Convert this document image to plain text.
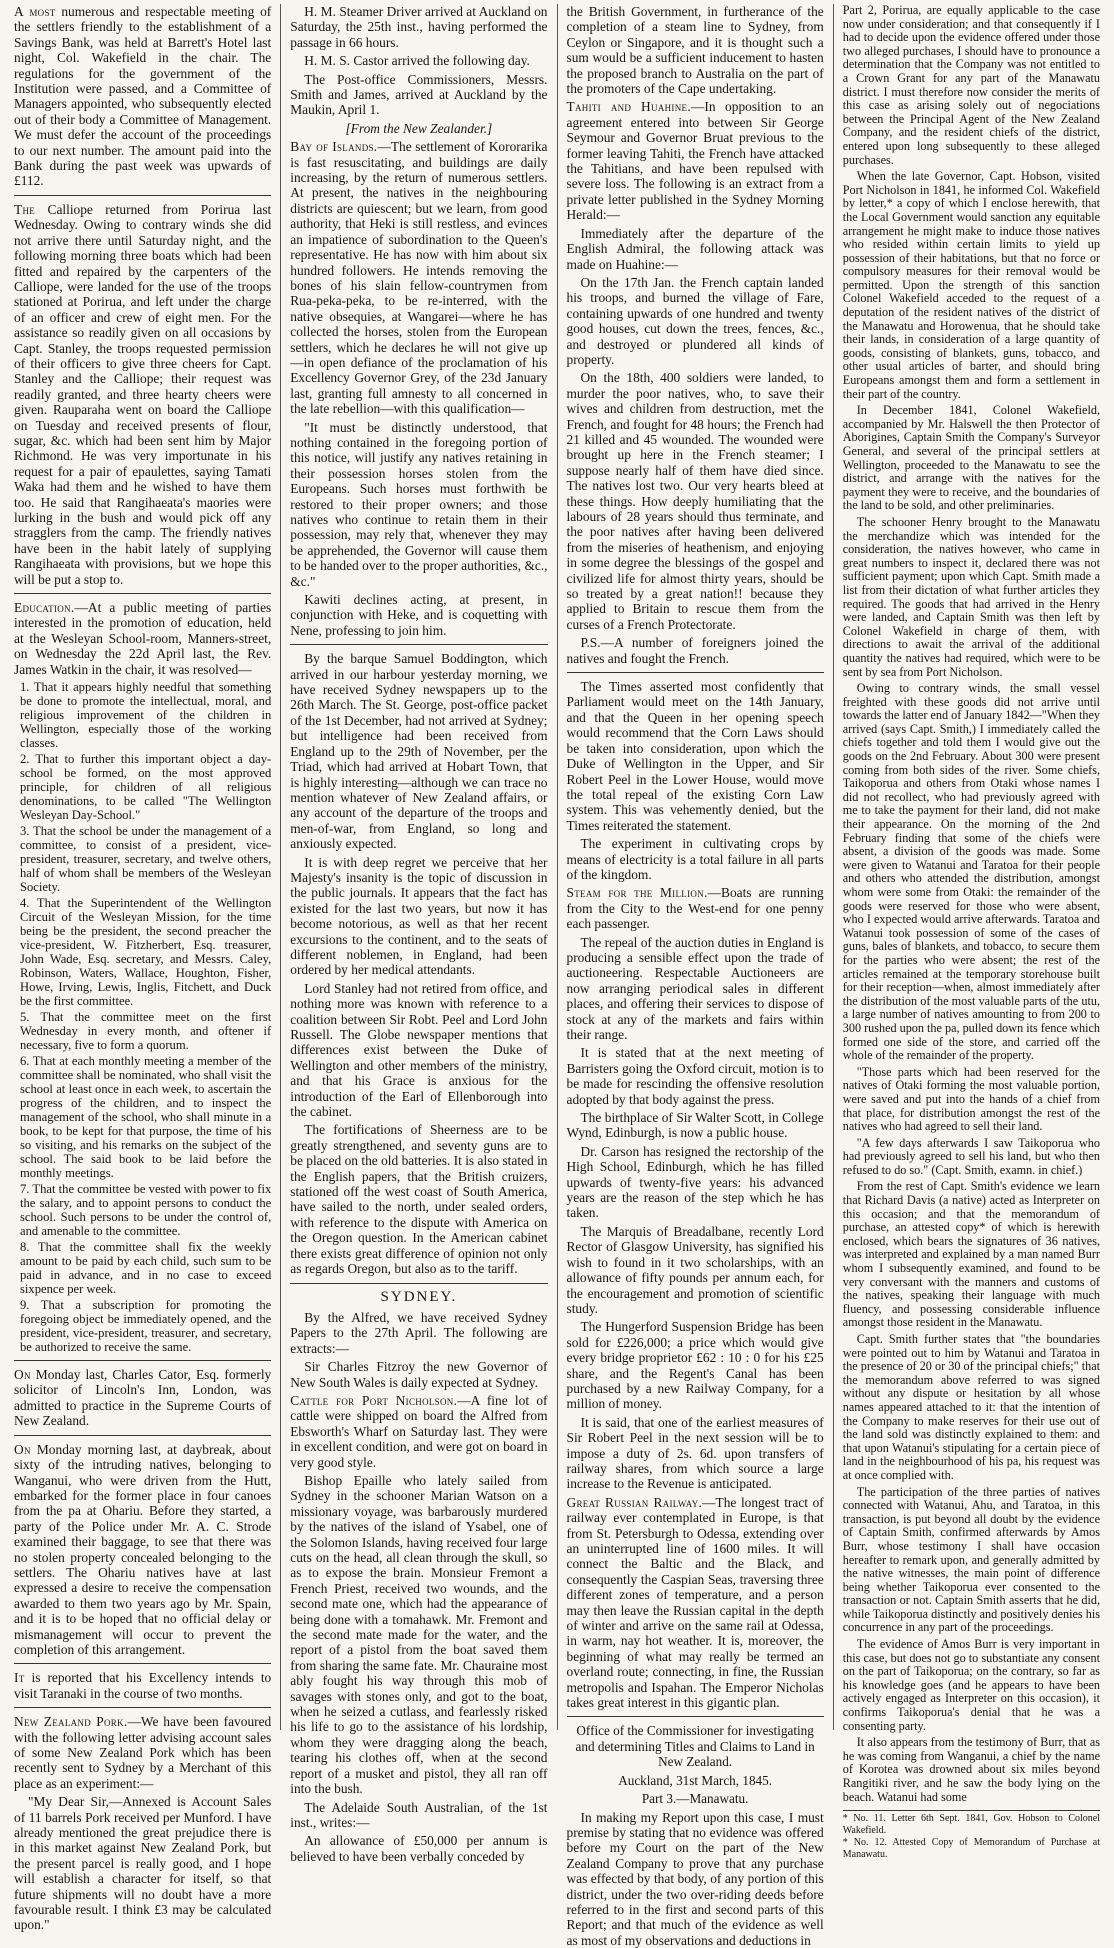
A most numerous and respectable meeting of the settlers friendly to the establishment of a Savings Bank, was held at Barrett's Hotel last night, Col. Wakefield in the chair. The regulations for the government of the Institution were passed, and a Committee of Managers appointed, who subsequently elected out of their body a Committee of Management. We must defer the account of the proceedings to our next number. The amount paid into the Bank during the past week was upwards of £112.

The Calliope returned from Porirua last Wednesday. Owing to contrary winds she did not arrive there until Saturday night, and the following morning three boats which had been fitted and repaired by the carpenters of the Calliope, were landed for the use of the troops stationed at Porirua, and left under the charge of an officer and crew of eight men. For the assistance so readily given on all occasions by Capt. Stanley, the troops requested permission of their officers to give three cheers for Capt. Stanley and the Calliope; their request was readily granted, and three hearty cheers were given. Rauparaha went on board the Calliope on Tuesday and received presents of flour, sugar, &c. which had been sent him by Major Richmond. He was very importunate in his request for a pair of epaulettes, saying Tamati Waka had them and he wished to have them too. He said that Rangihaeata's maories were lurking in the bush and would pick off any stragglers from the camp. The friendly natives have been in the habit lately of supplying Rangihaeata with provisions, but we hope this will be put a stop to.

Education.—At a public meeting of parties interested in the promotion of education, held at the Wesleyan School-room, Manners-street, on Wednesday the 22d April last, the Rev. James Watkin in the chair, it was resolved—

1. That it appears highly needful that something be done to promote the intellectual, moral, and religious improvement of the children in Wellington, especially those of the working classes.
2. That to further this important object a day-school be formed, on the most approved principle, for children of all religious denominations, to be called "The Wellington Wesleyan Day-School."
3. That the school be under the management of a committee, to consist of a president, vice-president, treasurer, secretary, and twelve others, half of whom shall be members of the Wesleyan Society.
4. That the Superintendent of the Wellington Circuit of the Wesleyan Mission, for the time being be the president, the second preacher the vice-president, W. Fitzherbert, Esq. treasurer, John Wade, Esq. secretary, and Messrs. Caley, Robinson, Waters, Wallace, Houghton, Fisher, Howe, Irving, Lewis, Inglis, Fitchett, and Duck be the first committee.
5. That the committee meet on the first Wednesday in every month, and oftener if necessary, five to form a quorum.
6. That at each monthly meeting a member of the committee shall be nominated, who shall visit the school at least once in each week, to ascertain the progress of the children, and to inspect the management of the school, who shall minute in a book, to be kept for that purpose, the time of his so visiting, and his remarks on the subject of the school. The said book to be laid before the monthly meetings.
7. That the committee be vested with power to fix the salary, and to appoint persons to conduct the school. Such persons to be under the control of, and amenable to the committee.
8. That the committee shall fix the weekly amount to be paid by each child, such sum to be paid in advance, and in no case to exceed sixpence per week.
9. That a subscription for promoting the foregoing object be immediately opened, and the president, vice-president, treasurer, and secretary, be authorized to receive the same.

On Monday last, Charles Cator, Esq. formerly solicitor of Lincoln's Inn, London, was admitted to practice in the Supreme Courts of New Zealand.

On Monday morning last, at daybreak, about sixty of the intruding natives, belonging to Wanganui, who were driven from the Hutt, embarked for the former place in four canoes from the pa at Ohariu. Before they started, a party of the Police under Mr. A. C. Strode examined their baggage, to see that there was no stolen property concealed belonging to the settlers. The Ohariu natives have at last expressed a desire to receive the compensation awarded to them two years ago by Mr. Spain, and it is to be hoped that no official delay or mismanagement will occur to prevent the completion of this arrangement.

It is reported that his Excellency intends to visit Taranaki in the course of two months.

New Zealand Pork.—We have been favoured with the following letter advising account sales of some New Zealand Pork which has been recently sent to Sydney by a Merchant of this place as an experiment:—

"My Dear Sir,—Annexed is Account Sales of 11 barrels Pork received per Munford. I have already mentioned the great prejudice there is in this market against New Zealand Pork, but the present parcel is really good, and I hope will establish a character for itself, so that future shipments will no doubt have a more favourable result. I think £3 may be calculated upon."

H. M. Steamer Driver arrived at Auckland on Saturday, the 25th inst., having performed the passage in 66 hours.

H. M. S. Castor arrived the following day.

The Post-office Commissioners, Messrs. Smith and James, arrived at Auckland by the Maukin, April 1.

[From the New Zealander.]

Bay of Islands.—The settlement of Kororarika is fast resuscitating, and buildings are daily increasing, by the return of numerous settlers. At present, the natives in the neighbouring districts are quiescent; but we learn, from good authority, that Heki is still restless, and evinces an impatience of subordination to the Queen's representative. He has now with him about six hundred followers. He intends removing the bones of his slain fellow-countrymen from Rua-peka-peka, to be re-interred, with the native obsequies, at Wangarei—where he has collected the horses, stolen from the European settlers, which he declares he will not give up—in open defiance of the proclamation of his Excellency Governor Grey, of the 23d January last, granting full amnesty to all concerned in the late rebellion—with this qualification—

"It must be distinctly understood, that nothing contained in the foregoing portion of this notice, will justify any natives retaining in their possession horses stolen from the Europeans. Such horses must forthwith be restored to their proper owners; and those natives who continue to retain them in their possession, may rely that, whenever they may be apprehended, the Governor will cause them to be handed over to the proper authorities, &c., &c."

Kawiti declines acting, at present, in conjunction with Heke, and is coquetting with Nene, professing to join him.

By the barque Samuel Boddington, which arrived in our harbour yesterday morning, we have received Sydney newspapers up to the 26th March. The St. George, post-office packet of the 1st December, had not arrived at Sydney; but intelligence had been received from England up to the 29th of November, per the Triad, which had arrived at Hobart Town, that is highly interesting—although we can trace no mention whatever of New Zealand affairs, or any account of the departure of the troops and men-of-war, from England, so long and anxiously expected.

It is with deep regret we perceive that her Majesty's insanity is the topic of discussion in the public journals. It appears that the fact has existed for the last two years, but now it has become notorious, as well as that her recent excursions to the continent, and to the seats of different noblemen, in England, had been ordered by her medical attendants.

Lord Stanley had not retired from office, and nothing more was known with reference to a coalition between Sir Robt. Peel and Lord John Russell. The Globe newspaper mentions that differences exist between the Duke of Wellington and other members of the ministry, and that his Grace is anxious for the introduction of the Earl of Ellenborough into the cabinet.

The fortifications of Sheerness are to be greatly strengthened, and seventy guns are to be placed on the old batteries. It is also stated in the English papers, that the British cruizers, stationed off the west coast of South America, have sailed to the north, under sealed orders, with reference to the dispute with America on the Oregon question. In the American cabinet there exists great difference of opinion not only as regards Oregon, but also as to the tariff.

SYDNEY.

By the Alfred, we have received Sydney Papers to the 27th April. The following are extracts:—

Sir Charles Fitzroy the new Governor of New South Wales is daily expected at Sydney.

Cattle for Port Nicholson.—A fine lot of cattle were shipped on board the Alfred from Ebsworth's Wharf on Saturday last. They were in excellent condition, and were got on board in very good style.

Bishop Epaille who lately sailed from Sydney in the schooner Marian Watson on a missionary voyage, was barbarously murdered by the natives of the island of Ysabel, one of the Solomon Islands, having received four large cuts on the head, all clean through the skull, so as to expose the brain. Monsieur Fremont a French Priest, received two wounds, and the second mate one, which had the appearance of being done with a tomahawk. Mr. Fremont and the second mate made for the water, and the report of a pistol from the boat saved them from sharing the same fate. Mr. Chauraine most ably fought his way through this mob of savages with stones only, and got to the boat, when he seized a cutlass, and fearlessly risked his life to go to the assistance of his lordship, whom they were dragging along the beach, tearing his clothes off, when at the second report of a musket and pistol, they all ran off into the bush.

The Adelaide South Australian, of the 1st inst., writes:—

An allowance of £50,000 per annum is believed to have been verbally conceded by

the British Government, in furtherance of the completion of a steam line to Sydney, from Ceylon or Singapore, and it is thought such a sum would be a sufficient inducement to hasten the proposed branch to Australia on the part of the promoters of the Cape undertaking.

Tahiti and Huahine.—In opposition to an agreement entered into between Sir George Seymour and Governor Bruat previous to the former leaving Tahiti, the French have attacked the Tahitians, and have been repulsed with severe loss. The following is an extract from a private letter published in the Sydney Morning Herald:—

Immediately after the departure of the English Admiral, the following attack was made on Huahine:—

On the 17th Jan. the French captain landed his troops, and burned the village of Fare, containing upwards of one hundred and twenty good houses, cut down the trees, fences, &c., and destroyed or plundered all kinds of property.

On the 18th, 400 soldiers were landed, to murder the poor natives, who, to save their wives and children from destruction, met the French, and fought for 48 hours; the French had 21 killed and 45 wounded. The wounded were brought up here in the French steamer; I suppose nearly half of them have died since. The natives lost two. Our very hearts bleed at these things. How deeply humiliating that the labours of 28 years should thus terminate, and the poor natives after having been delivered from the miseries of heathenism, and enjoying in some degree the blessings of the gospel and civilized life for almost thirty years, should be so treated by a great nation!! because they applied to Britain to rescue them from the curses of a French Protectorate.

P.S.—A number of foreigners joined the natives and fought the French.

The Times asserted most confidently that Parliament would meet on the 14th January, and that the Queen in her opening speech would recommend that the Corn Laws should be taken into consideration, upon which the Duke of Wellington in the Upper, and Sir Robert Peel in the Lower House, would move the total repeal of the existing Corn Law system. This was vehemently denied, but the Times reiterated the statement.

The experiment in cultivating crops by means of electricity is a total failure in all parts of the kingdom.

Steam for the Million.—Boats are running from the City to the West-end for one penny each passenger.

The repeal of the auction duties in England is producing a sensible effect upon the trade of auctioneering. Respectable Auctioneers are now arranging periodical sales in different places, and offering their services to dispose of stock at any of the markets and fairs within their range.

It is stated that at the next meeting of Barristers going the Oxford circuit, motion is to be made for rescinding the offensive resolution adopted by that body against the press.

The birthplace of Sir Walter Scott, in College Wynd, Edinburgh, is now a public house.

Dr. Carson has resigned the rectorship of the High School, Edinburgh, which he has filled upwards of twenty-five years: his advanced years are the reason of the step which he has taken.

The Marquis of Breadalbane, recently Lord Rector of Glasgow University, has signified his wish to found in it two scholarships, with an allowance of fifty pounds per annum each, for the encouragement and promotion of scientific study.

The Hungerford Suspension Bridge has been sold for £226,000; a price which would give every bridge proprietor £62 : 10 : 0 for his £25 share, and the Regent's Canal has been purchased by a new Railway Company, for a million of money.

It is said, that one of the earliest measures of Sir Robert Peel in the next session will be to impose a duty of 2s. 6d. upon transfers of railway shares, from which source a large increase to the Revenue is anticipated.

Great Russian Railway.—The longest tract of railway ever contemplated in Europe, is that from St. Petersburgh to Odessa, extending over an uninterrupted line of 1600 miles. It will connect the Baltic and the Black, and consequently the Caspian Seas, traversing three different zones of temperature, and a person may then leave the Russian capital in the depth of winter and arrive on the same rail at Odessa, in warm, nay hot weather. It is, moreover, the beginning of what may really be termed an overland route; connecting, in fine, the Russian metropolis and Ispahan. The Emperor Nicholas takes great interest in this gigantic plan.

Office of the Commissioner for investigating and determining Titles and Claims to Land in New Zealand.

Auckland, 31st March, 1845.

Part 3.—Manawatu.

In making my Report upon this case, I must premise by stating that no evidence was offered before my Court on the part of the New Zealand Company to prove that any purchase was effected by that body, of any portion of this district, under the two over-riding deeds before referred to in the first and second parts of this Report; and that much of the evidence as well as most of my observations and deductions in

Part 2, Porirua, are equally applicable to the case now under consideration; and that consequently if I had to decide upon the evidence offered under those two alleged purchases, I should have to pronounce a determination that the Company was not entitled to a Crown Grant for any part of the Manawatu district. I must therefore now consider the merits of this case as arising solely out of negociations between the Principal Agent of the New Zealand Company, and the resident chiefs of the district, entered upon long subsequently to these alleged purchases.

When the late Governor, Capt. Hobson, visited Port Nicholson in 1841, he informed Col. Wakefield by letter,* a copy of which I enclose herewith, that the Local Government would sanction any equitable arrangement he might make to induce those natives who resided within certain limits to yield up possession of their habitations, but that no force or compulsory measures for their removal would be permitted. Upon the strength of this sanction Colonel Wakefield acceded to the request of a deputation of the resident natives of the district of the Manawatu and Horowenua, that he should take their lands, in consideration of a large quantity of goods, consisting of blankets, guns, tobacco, and other usual articles of barter, and should bring Europeans amongst them and form a settlement in their part of the country.

In December 1841, Colonel Wakefield, accompanied by Mr. Halswell the then Protector of Aborigines, Captain Smith the Company's Surveyor General, and several of the principal settlers at Wellington, proceeded to the Manawatu to see the district, and arrange with the natives for the payment they were to receive, and the boundaries of the land to be sold, and other preliminaries.

The schooner Henry brought to the Manawatu the merchandize which was intended for the consideration, the natives however, who came in great numbers to inspect it, declared there was not sufficient payment; upon which Capt. Smith made a list from their dictation of what further articles they required. The goods that had arrived in the Henry were landed, and Captain Smith was then left by Colonel Wakefield in charge of them, with directions to await the arrival of the additional quantity the natives had required, which were to be sent by sea from Port Nicholson.

Owing to contrary winds, the small vessel freighted with these goods did not arrive until towards the latter end of January 1842—"When they arrived (says Capt. Smith,) I immediately called the chiefs together and told them I would give out the goods on the 2nd February. About 300 were present coming from both sides of the river. Some chiefs, Taikoporua and others from Otaki whose names I did not recollect, who had previously agreed with me to take the payment for their land, did not make their appearance. On the morning of the 2nd February finding that some of the chiefs were absent, a division of the goods was made. Some were given to Watanui and Taratoa for their people and others who attended the distribution, amongst whom were some from Otaki: the remainder of the goods were reserved for those who were absent, who I expected would arrive afterwards. Taratoa and Watanui took possession of some of the cases of guns, bales of blankets, and tobacco, to secure them for the parties who were absent; the rest of the articles remained at the temporary storehouse built for their reception—when, almost immediately after the distribution of the most valuable parts of the utu, a large number of natives amounting to from 200 to 300 rushed upon the pa, pulled down its fence which formed one side of the store, and carried off the whole of the remainder of the property.

"Those parts which had been reserved for the natives of Otaki forming the most valuable portion, were saved and put into the hands of a chief from that place, for distribution amongst the rest of the natives who had agreed to sell their land.

"A few days afterwards I saw Taikoporua who had previously agreed to sell his land, but who then refused to do so." (Capt. Smith, examn. in chief.)

From the rest of Capt. Smith's evidence we learn that Richard Davis (a native) acted as Interpreter on this occasion; and that the memorandum of purchase, an attested copy* of which is herewith enclosed, which bears the signatures of 36 natives, was interpreted and explained by a man named Burr whom I subsequently examined, and found to be very conversant with the manners and customs of the natives, speaking their language with much fluency, and possessing considerable influence amongst those resident in the Manawatu.

Capt. Smith further states that "the boundaries were pointed out to him by Watanui and Taratoa in the presence of 20 or 30 of the principal chiefs;" that the memorandum above referred to was signed without any dispute or hesitation by all whose names appeared attached to it: that the intention of the Company to make reserves for their use out of the land sold was distinctly explained to them: and that upon Watanui's stipulating for a certain piece of land in the neighbourhood of his pa, his request was at once complied with.

The participation of the three parties of natives connected with Watanui, Ahu, and Taratoa, in this transaction, is put beyond all doubt by the evidence of Captain Smith, confirmed afterwards by Amos Burr, whose testimony I shall have occasion hereafter to remark upon, and generally admitted by the native witnesses, the main point of difference being whether Taikoporua ever consented to the transaction or not. Captain Smith asserts that he did, while Taikoporua distinctly and positively denies his concurrence in any part of the proceedings.

The evidence of Amos Burr is very important in this case, but does not go to substantiate any consent on the part of Taikoporua; on the contrary, so far as his knowledge goes (and he appears to have been actively engaged as Interpreter on this occasion), it confirms Taikoporua's denial that he was a consenting party.

It also appears from the testimony of Burr, that as he was coming from Wanganui, a chief by the name of Koroteа was drowned about six miles beyond Rangitiki river, and he saw the body lying on the beach. Watanui had some

* No. 11. Letter 6th Sept. 1841, Gov. Hobson to Colonel Wakefield.

* No. 12. Attested Copy of Memorandum of Purchase at Manawatu.
